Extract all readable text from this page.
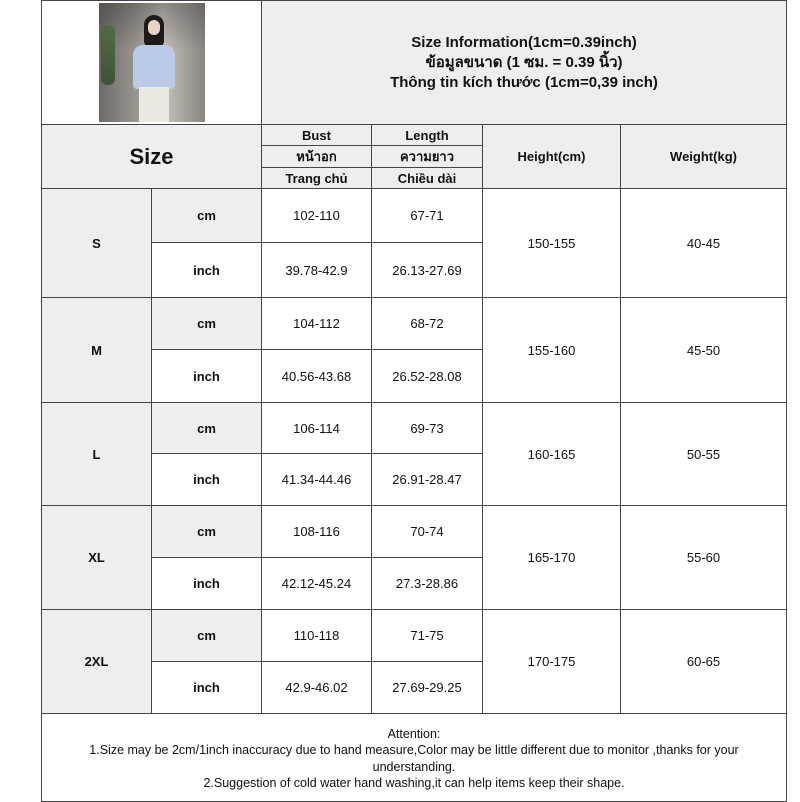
		Size Information(1cm=0.39inch)
ข้อมูลขนาด (1 ซม. = 0.39 นิ้ว)
Thông tin kích thước (1cm=0,39 inch)			

Size		Bust	Length	Height(cm)	Weight(kg)
		หน้าอก	ความยาว		
		Trang chủ	Chiều dài		
S	cm	102-110	67-71	150-155	40-45
	inch	39.78-42.9	26.13-27.69		
M	cm	104-112	68-72	155-160	45-50
	inch	40.56-43.68	26.52-28.08		
L	cm	106-114	69-73	160-165	50-55
	inch	41.34-44.46	26.91-28.47		
XL	cm	108-116	70-74	165-170	55-60
	inch	42.12-45.24	27.3-28.86		
2XL	cm	110-118	71-75	170-175	60-65
	inch	42.9-46.02	27.69-29.25		

Attention:
1.Size may be 2cm/1inch inaccuracy due to hand measure,Color may be little different due to monitor ,thanks for your understanding.
2.Suggestion of cold water hand washing,it can help items keep their shape.					
